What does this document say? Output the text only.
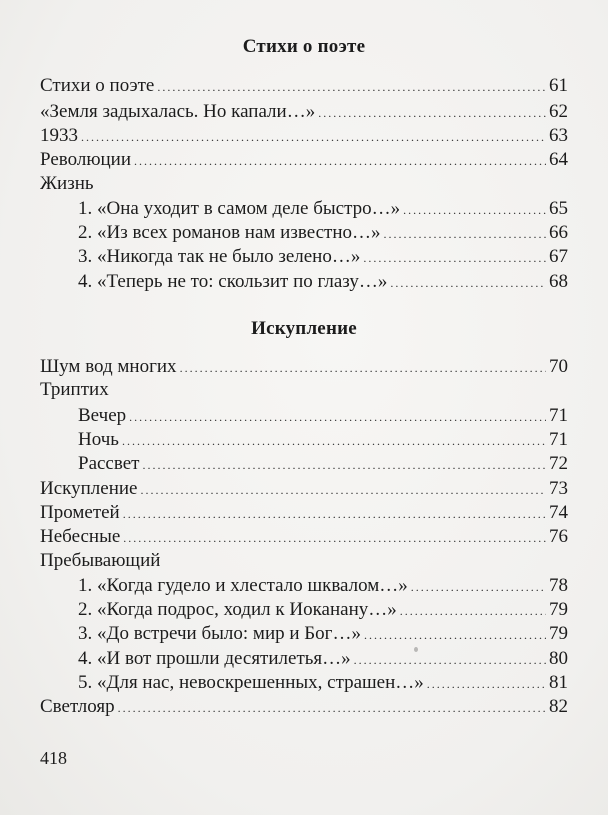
Стихи о поэте
Стихи о поэте .....	61
«Земля задыхалась. Но капали…» .....	62
1933 .....	63
Революции .....	64
Жизнь
1. «Она уходит в самом деле быстро…» .....	65
2. «Из всех романов нам известно…» .....	66
3. «Никогда так не было зелено…» .....	67
4. «Теперь не то: скользит по глазу…» .....	68
Искупление
Шум вод многих .....	70
Триптих
Вечер .....	71
Ночь .....	71
Рассвет .....	72
Искупление .....	73
Прометей .....	74
Небесные .....	76
Пребывающий
1. «Когда гудело и хлестало шквалом…» .....	78
2. «Когда подрос, ходил к Иоканану…» .....	79
3. «До встречи было: мир и Бог…» .....	79
4. «И вот прошли десятилетья…» .....	80
5. «Для нас, невоскрешенных, страшен…» .....	81
Светлояр .....	82
418
